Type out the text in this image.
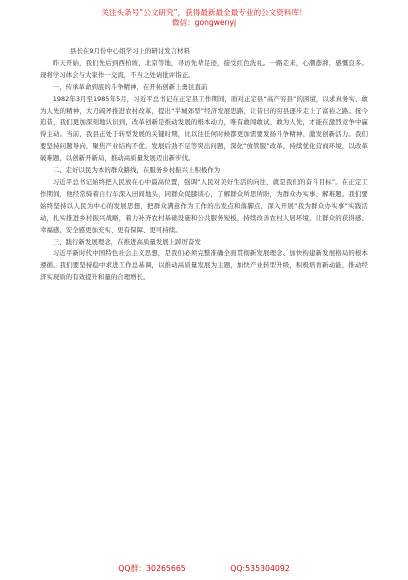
关注头条号“公文研究”，获得最新最全最专业的公文资料库！
微信：gongwenyj
县长在9月份中心组学习上的研讨发言材料

昨天开始，我们先后到西柏坡、北京等地，寻访先辈足迹，接受红色洗礼。一路走来，心潮澎湃，感慨良多。现将学习体会与大家作一交流，不当之处请批评指正。

一、传承革命到底的斗争精神，在开拓创新上勇往直前

1982年3月至1985年5月，习近平总书记在正定县工作期间，面对正定县“高产穷县”的困境，以求真务实、敢为人先的精神，大刀阔斧推进农村改革，提出“半城郊型”经济发展思路，让昔日的穷县逐步走上了富裕之路。抚今追昔，我们更加深刻地认识到，改革创新是推动发展的根本动力，唯有敢闯敢试、敢为人先，才能在激烈竞争中赢得主动。当前，我县正处于转型发展的关键时期，比以往任何时候都更加需要发扬斗争精神、激发创新活力。我们要坚持问题导向，聚焦产业结构不优、发展后劲不足等突出问题，深化“放管服”改革，持续优化营商环境，以改革破难题、以创新开新局，推动高质量发展迈出新步伐。

二、走好以民为本的群众路线，在服务乡村振兴上积极作为

习近平总书记始终把人民放在心中最高位置，强调“人民对美好生活的向往，就是我们的奋斗目标”。在正定工作期间，他经常骑着自行车深入田间地头，同群众促膝谈心，了解群众所思所盼，为群众办实事、解难题。我们要始终坚持以人民为中心的发展思想，把群众满意作为工作的出发点和落脚点，深入开展“我为群众办实事”实践活动，扎实推进乡村振兴战略，着力补齐农村基础设施和公共服务短板，持续改善农村人居环境，让群众的获得感、幸福感、安全感更加充实、更有保障、更可持续。

三、践行新发展理念，在推进高质量发展上踔厉奋发

习近平新时代中国特色社会主义思想，是我们必须完整准确全面贯彻新发展理念、加快构建新发展格局的根本遵循。我们要坚持稳中求进工作总基调，以推动高质量发展为主题，加快产业转型升级，积极培育新动能，推动经济实现质的有效提升和量的合理增长。

QQ群：30265665	QQ:535304092
